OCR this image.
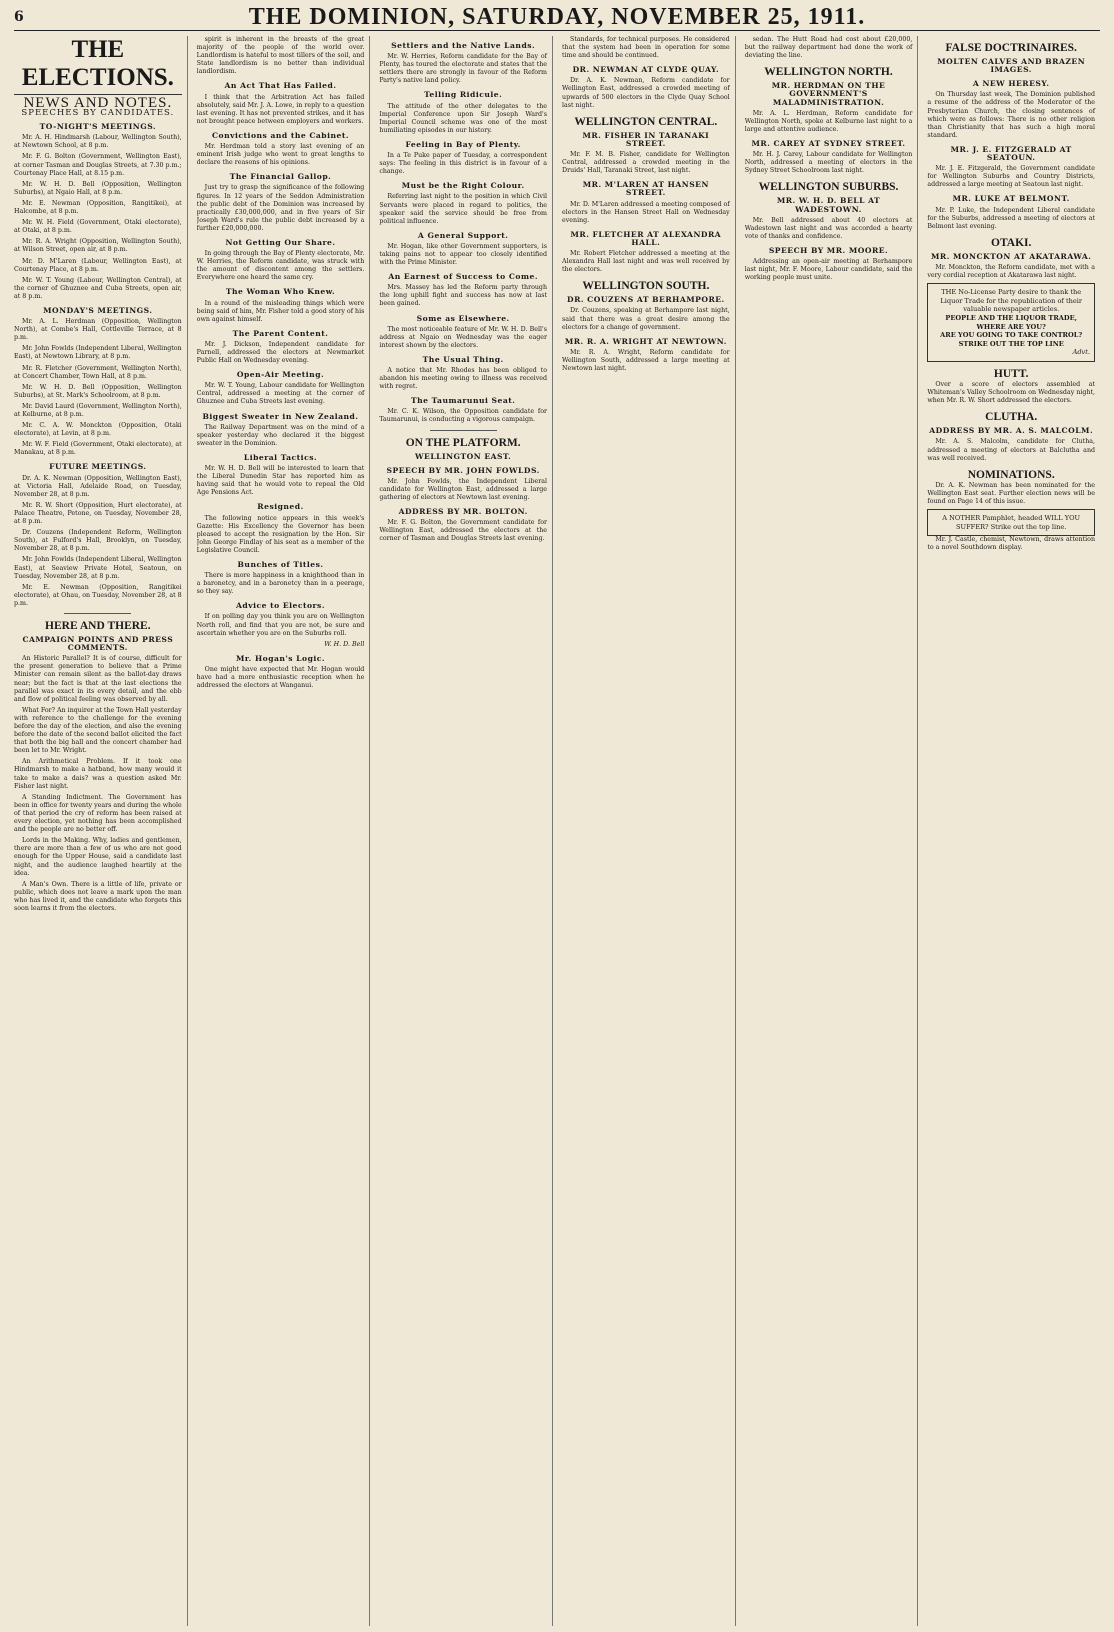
6	THE DOMINION, SATURDAY, NOVEMBER 25, 1911.
THE ELECTIONS.
NEWS AND NOTES.
SPEECHES BY CANDIDATES.
TO-NIGHT'S MEETINGS.

Mr. A. H. Hindmarsh (Labour, Wellington South), at Newtown School, at 8 p.m.

Mr. F. G. Bolton (Government, Wellington East), at corner Tasman and Douglas Streets, at 7.30 p.m.; Courtenay Place Hall, at 8.15 p.m.

Mr. W. H. D. Bell (Opposition, Wellington Suburbs), at Ngaio Hall, at 8 p.m.

Mr. E. Newman (Opposition, Rangitikei), at Halcombe, at 8 p.m.

Mr. W. H. Field (Government, Otaki electorate), at Otaki, at 8 p.m.

Mr. R. A. Wright (Opposition, Wellington South), at Wilson Street, open air, at 8 p.m.

Mr. D. M'Laren (Labour, Wellington East), at Courtenay Place, at 8 p.m.

Mr. W. T. Young (Labour, Wellington Central), at the corner of Ghuznee and Cuba Streets, open air, at 8 p.m.

MONDAY'S MEETINGS.

Mr. A. L. Herdman (Opposition, Wellington North), at Combe's Hall, Cottleville Terrace, at 8 p.m.

Mr. John Fowlds (Independent Liberal, Wellington East), at Newtown Library, at 8 p.m.

Mr. R. Fletcher (Government, Wellington North), at Concert Chamber, Town Hall, at 8 p.m.

Mr. W. H. D. Bell (Opposition, Wellington Suburbs), at St. Mark's Schoolroom, at 8 p.m.

Mr. David Laurd (Government, Wellington North), at Kelburne, at 8 p.m.

Mr. C. A. W. Monckton (Opposition, Otaki electorate), at Levin, at 8 p.m.

Mr. W. F. Field (Government, Otaki electorate), at Manakau, at 8 p.m.

FUTURE MEETINGS.

Dr. A. K. Newman (Opposition, Wellington East), at Victoria Hall, Adelaide Road, on Tuesday, November 28, at 8 p.m.

Mr. R. W. Short (Opposition, Hurt electorate), at Palace Theatre, Petone, on Tuesday, November 28, at 8 p.m.

Dr. Couzens (Independent Reform, Wellington South), at Fulford's Hall, Brooklyn, on Tuesday, November 28, at 8 p.m.

Mr. John Fowlds (Independent Liberal, Wellington East), at Seaview Private Hotel, Seatoun, on Tuesday, November 28, at 8 p.m.

Mr. E. Newman (Opposition, Rangitikei electorate), at Ohau, on Tuesday, November 28, at 8 p.m.

HERE AND THERE.
CAMPAIGN POINTS AND PRESS COMMENTS.

An Historic Parallel? It is of course, difficult for the present generation to believe that a Prime Minister can remain silent as the ballot-day draws near; but the fact is that at the last elections the parallel was exact in its every detail, and the ebb and flow of political feeling was observed by all.

What For? An inquirer at the Town Hall yesterday with reference to the challenge for the evening before the day of the election, and also the evening before the date of the second ballot elicited the fact that both the big hall and the concert chamber had been let to Mr. Wright.

An Arithmetical Problem. If it took one Hindmarsh to make a hatband, how many would it take to make a dais? was a question asked Mr. Fisher last night.

A Standing Indictment. The Government has been in office for twenty years and during the whole of that period the cry of reform has been raised at every election, yet nothing has been accomplished and the people are no better off.

Lords in the Making. Why, ladies and gentlemen, there are more than a few of us who are not good enough for the Upper House, said a candidate last night, and the audience laughed heartily at the idea.

A Man's Own. There is a little of life, private or public, which does not leave a mark upon the man who has lived it, and the candidate who forgets this soon learns it from the electors.

spirit is inherent in the breasts of the great majority of the people of the world over. Landlordism is hateful to most tillers of the soil, and State landlordism is no better than individual landlordism.

An Act That Has Failed.

I think that the Arbitration Act has failed absolutely, said Mr. J. A. Lowe, in reply to a question last evening. It has not prevented strikes, and it has not brought peace between employers and workers.

Convictions and the Cabinet.

Mr. Herdman told a story last evening of an eminent Irish judge who went to great lengths to declare the reasons of his opinions.

The Financial Gallop.

Just try to grasp the significance of the following figures. In 12 years of the Seddon Administration the public debt of the Dominion was increased by practically £30,000,000, and in five years of Sir Joseph Ward's rule the public debt increased by a further £20,000,000.

Not Getting Our Share.

In going through the Bay of Plenty electorate, Mr. W. Herries, the Reform candidate, was struck with the amount of discontent among the settlers. Everywhere one heard the same cry.

The Woman Who Knew.

In a round of the misleading things which were being said of him, Mr. Fisher told a good story of his own against himself.

The Parent Content.

Mr. J. Dickson, Independent candidate for Parnell, addressed the electors at Newmarket Public Hall on Wednesday evening.

Open-Air Meeting.

Mr. W. T. Young, Labour candidate for Wellington Central, addressed a meeting at the corner of Ghuznee and Cuba Streets last evening.

Biggest Sweater in New Zealand.

The Railway Department was on the mind of a speaker yesterday who declared it the biggest sweater in the Dominion.

Liberal Tactics.

Mr. W. H. D. Bell will be interested to learn that the Liberal Dunedin Star has reported him as having said that he would vote to repeal the Old Age Pensions Act.

Resigned.

The following notice appears in this week's Gazette: His Excellency the Governor has been pleased to accept the resignation by the Hon. Sir John George Findlay of his seat as a member of the Legislative Council.

Bunches of Titles.

There is more happiness in a knighthood than in a baronetcy, and in a baronetcy than in a peerage, so they say.

Advice to Electors.

If on polling day you think you are on Wellington North roll, and find that you are not, be sure and ascertain whether you are on the Suburbs roll.

W. H. D. Bell
Mr. Hogan's Logic.

One might have expected that Mr. Hogan would have had a more enthusiastic reception when he addressed the electors at Wanganui.

Settlers and the Native Lands.

Mr. W. Herries, Reform candidate for the Bay of Plenty, has toured the electorate and states that the settlers there are strongly in favour of the Reform Party's native land policy.

Telling Ridicule.

The attitude of the other delegates to the Imperial Conference upon Sir Joseph Ward's Imperial Council scheme was one of the most humiliating episodes in our history.

Feeling in Bay of Plenty.

In a Te Puke paper of Tuesday, a correspondent says: The feeling in this district is in favour of a change.

Must be the Right Colour.

Referring last night to the position in which Civil Servants were placed in regard to politics, the speaker said the service should be free from political influence.

A General Support.

Mr. Hogan, like other Government supporters, is taking pains not to appear too closely identified with the Prime Minister.

An Earnest of Success to Come.

Mrs. Massey has led the Reform party through the long uphill fight and success has now at last been gained.

Some as Elsewhere.

The most noticeable feature of Mr. W. H. D. Bell's address at Ngaio on Wednesday was the eager interest shown by the electors.

The Usual Thing.

A notice that Mr. Rhodes has been obliged to abandon his meeting owing to illness was received with regret.

The Taumarunui Seat.

Mr. C. K. Wilson, the Opposition candidate for Taumarunui, is conducting a vigorous campaign.

ON THE PLATFORM.
WELLINGTON EAST.
SPEECH BY MR. JOHN FOWLDS.

Mr. John Fowlds, the Independent Liberal candidate for Wellington East, addressed a large gathering of electors at Newtown last evening.

ADDRESS BY MR. BOLTON.

Mr. F. G. Bolton, the Government candidate for Wellington East, addressed the electors at the corner of Tasman and Douglas Streets last evening.

Standards, for technical purposes. He considered that the system had been in operation for some time and should be continued.

DR. NEWMAN AT CLYDE QUAY.

Dr. A. K. Newman, Reform candidate for Wellington East, addressed a crowded meeting of upwards of 500 electors in the Clyde Quay School last night.

WELLINGTON CENTRAL.
MR. FISHER IN TARANAKI STREET.

Mr. F. M. B. Fisher, candidate for Wellington Central, addressed a crowded meeting in the Druids' Hall, Taranaki Street, last night.

MR. M'LAREN AT HANSEN STREET.

Mr. D. M'Laren addressed a meeting composed of electors in the Hansen Street Hall on Wednesday evening.

MR. FLETCHER AT ALEXANDRA HALL.

Mr. Robert Fletcher addressed a meeting at the Alexandra Hall last night and was well received by the electors.

WELLINGTON SOUTH.
DR. COUZENS AT BERHAMPORE.

Dr. Couzens, speaking at Berhampore last night, said that there was a great desire among the electors for a change of government.

MR. R. A. WRIGHT AT NEWTOWN.

Mr. R. A. Wright, Reform candidate for Wellington South, addressed a large meeting at Newtown last night.

sedan. The Hutt Road had cost about £20,000, but the railway department had done the work of deviating the line.

WELLINGTON NORTH.
MR. HERDMAN ON THE GOVERNMENT'S MALADMINISTRATION.

Mr. A. L. Herdman, Reform candidate for Wellington North, spoke at Kelburne last night to a large and attentive audience.

MR. CAREY AT SYDNEY STREET.

Mr. H. J. Carey, Labour candidate for Wellington North, addressed a meeting of electors in the Sydney Street Schoolroom last night.

WELLINGTON SUBURBS.
MR. W. H. D. BELL AT WADESTOWN.

Mr. Bell addressed about 40 electors at Wadestown last night and was accorded a hearty vote of thanks and confidence.

SPEECH BY MR. MOORE.

Addressing an open-air meeting at Berhampore last night, Mr. F. Moore, Labour candidate, said the working people must unite.

FALSE DOCTRINAIRES.
MOLTEN CALVES AND BRAZEN IMAGES.
A NEW HERESY.

On Thursday last week, The Dominion published a resume of the address of the Moderator of the Presbyterian Church, the closing sentences of which were as follows: There is no other religion than Christianity that has such a high moral standard.

MR. J. E. FITZGERALD AT SEATOUN.

Mr. J. E. Fitzgerald, the Government candidate for Wellington Suburbs and Country Districts, addressed a large meeting at Seatoun last night.

MR. LUKE AT BELMONT.

Mr. P. Luke, the Independent Liberal candidate for the Suburbs, addressed a meeting of electors at Belmont last evening.

OTAKI.
MR. MONCKTON AT AKATARAWA.

Mr. Monckton, the Reform candidate, met with a very cordial reception at Akatarawa last night.

THE No-License Party desire to thank the Liquor Trade for the republication of their valuable newspaper articles.
PEOPLE AND THE LIQUOR TRADE, WHERE ARE YOU?
ARE YOU GOING TO TAKE CONTROL?
STRIKE OUT THE TOP LINE
Advt.
HUTT.

Over a score of electors assembled at Whiteman's Valley Schoolroom on Wednesday night, when Mr. R. W. Short addressed the electors.

CLUTHA.
ADDRESS BY MR. A. S. MALCOLM.

Mr. A. S. Malcolm, candidate for Clutha, addressed a meeting of electors at Balclutha and was well received.

NOMINATIONS.

Dr. A. K. Newman has been nominated for the Wellington East seat. Further election news will be found on Page 14 of this issue.

A NOTHER Pamphlet, headed WILL YOU SUFFER? Strike out the top line.

Mr. J. Castle, chemist, Newtown, draws attention to a novel Southdown display.
